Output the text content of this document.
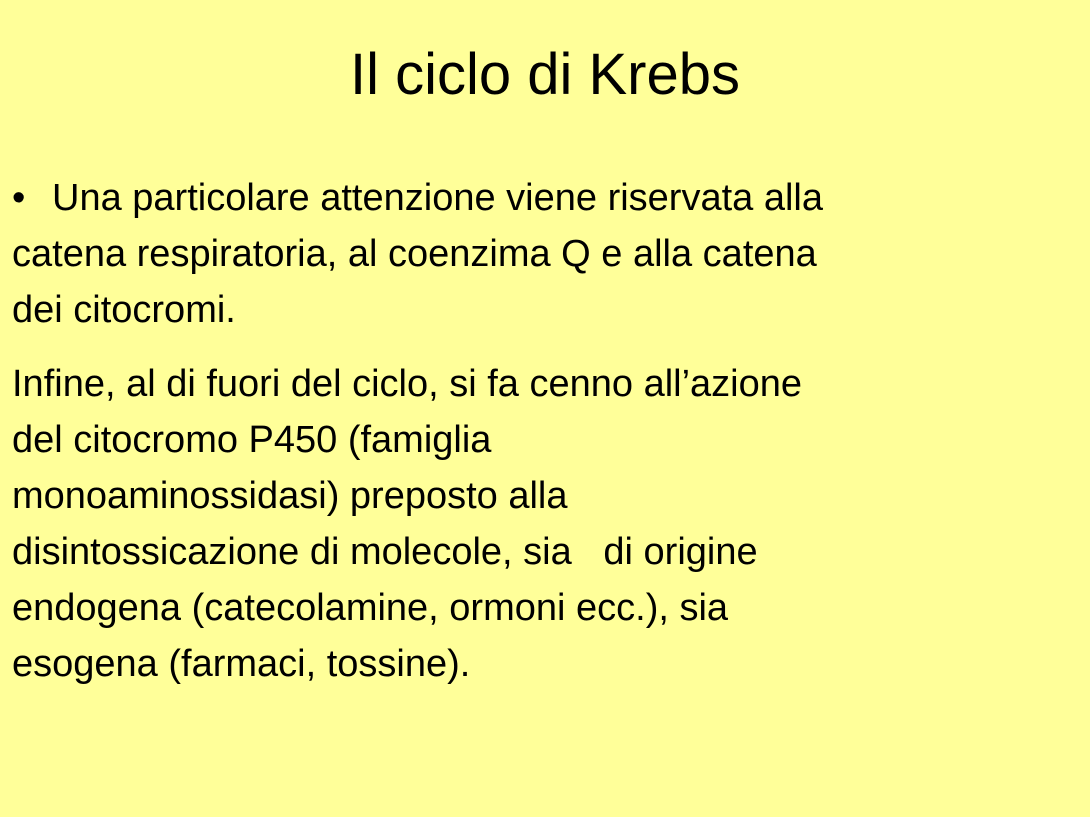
Il ciclo di Krebs
• Una particolare attenzione viene riservata alla
catena respiratoria, al coenzima Q e alla catena
dei citocromi.
Infine, al di fuori del ciclo, si fa cenno all’azione
del citocromo P450 (famiglia
monoaminossidasi) preposto alla
disintossicazione di molecole, sia   di origine
endogena (catecolamine, ormoni ecc.), sia
esogena (farmaci, tossine).
